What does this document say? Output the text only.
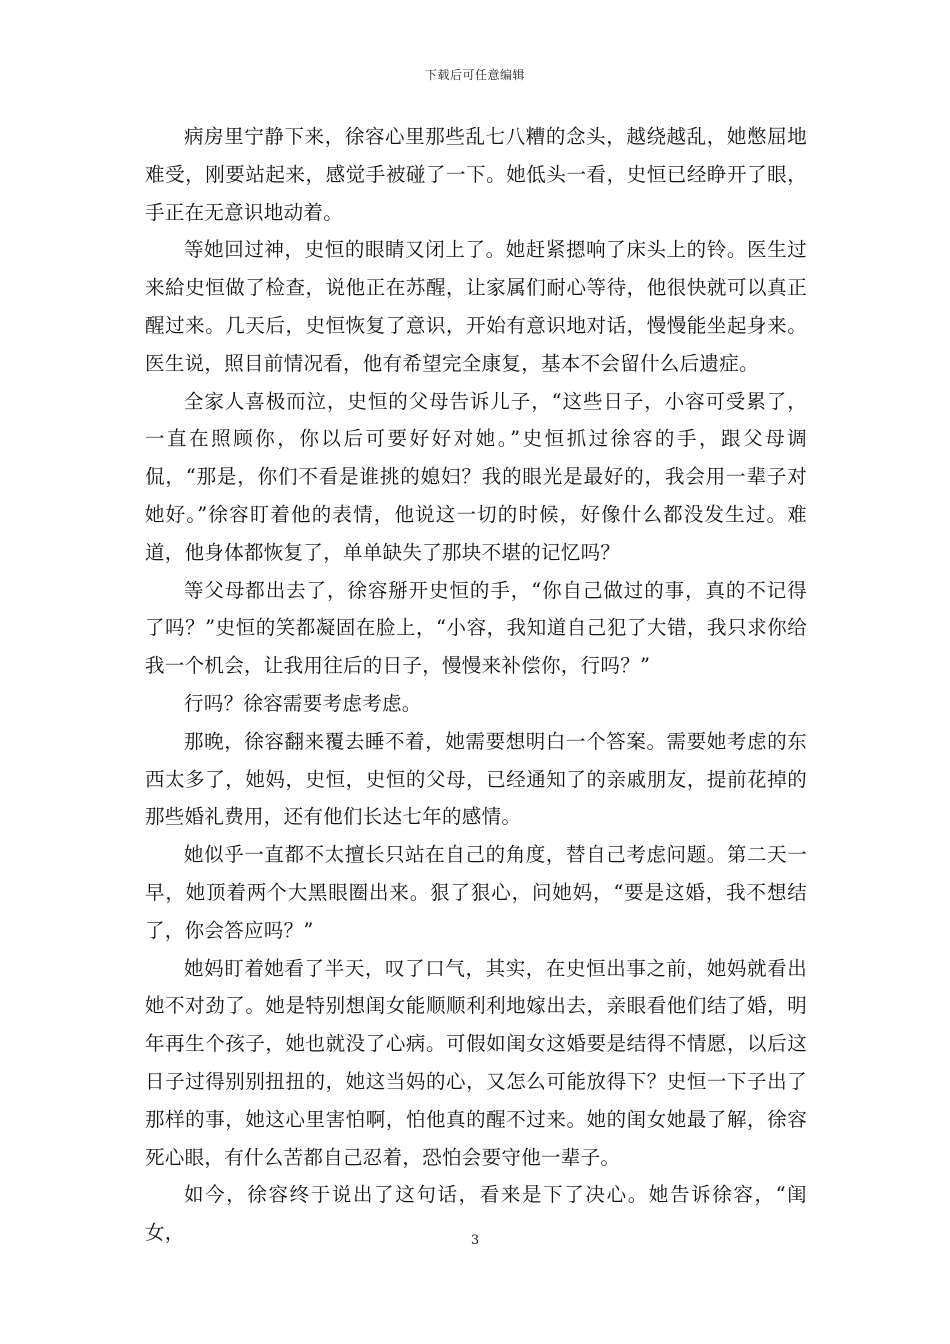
下载后可任意编辑

病房里宁静下来，徐容心里那些乱七八糟的念头，越绕越乱，她憋屈地难受，刚要站起来，感觉手被碰了一下。她低头一看，史恒已经睁开了眼，手正在无意识地动着。

等她回过神，史恒的眼睛又闭上了。她赶紧摁响了床头上的铃。医生过来給史恒做了检查，说他正在苏醒，让家属们耐心等待，他很快就可以真正醒过来。几天后，史恒恢复了意识，开始有意识地对话，慢慢能坐起身来。医生说，照目前情况看，他有希望完全康复，基本不会留什么后遗症。

全家人喜极而泣，史恒的父母告诉儿子，“这些日子，小容可受累了，一直在照顾你，你以后可要好好对她。”史恒抓过徐容的手，跟父母调侃，“那是，你们不看是谁挑的媳妇？我的眼光是最好的，我会用一辈子对她好。”徐容盯着他的表情，他说这一切的时候，好像什么都没发生过。难道，他身体都恢复了，单单缺失了那块不堪的记忆吗？

等父母都出去了，徐容掰开史恒的手，“你自己做过的事，真的不记得了吗？”史恒的笑都凝固在脸上，“小容，我知道自己犯了大错，我只求你给我一个机会，让我用往后的日子，慢慢来补偿你，行吗？”

行吗？徐容需要考虑考虑。

那晚，徐容翻来覆去睡不着，她需要想明白一个答案。需要她考虑的东西太多了，她妈，史恒，史恒的父母，已经通知了的亲戚朋友，提前花掉的那些婚礼费用，还有他们长达七年的感情。

她似乎一直都不太擅长只站在自己的角度，替自己考虑问题。第二天一早，她顶着两个大黑眼圈出来。狠了狠心，问她妈，“要是这婚，我不想结了，你会答应吗？”

她妈盯着她看了半天，叹了口气，其实，在史恒出事之前，她妈就看出她不对劲了。她是特别想闺女能顺顺利利地嫁出去，亲眼看他们结了婚，明年再生个孩子，她也就没了心病。可假如闺女这婚要是结得不情愿，以后这日子过得别别扭扭的，她这当妈的心，又怎么可能放得下？史恒一下子出了那样的事，她这心里害怕啊，怕他真的醒不过来。她的闺女她最了解，徐容死心眼，有什么苦都自己忍着，恐怕会要守他一辈子。

如今，徐容终于说出了这句话，看来是下了决心。她告诉徐容，“闺女，	3
